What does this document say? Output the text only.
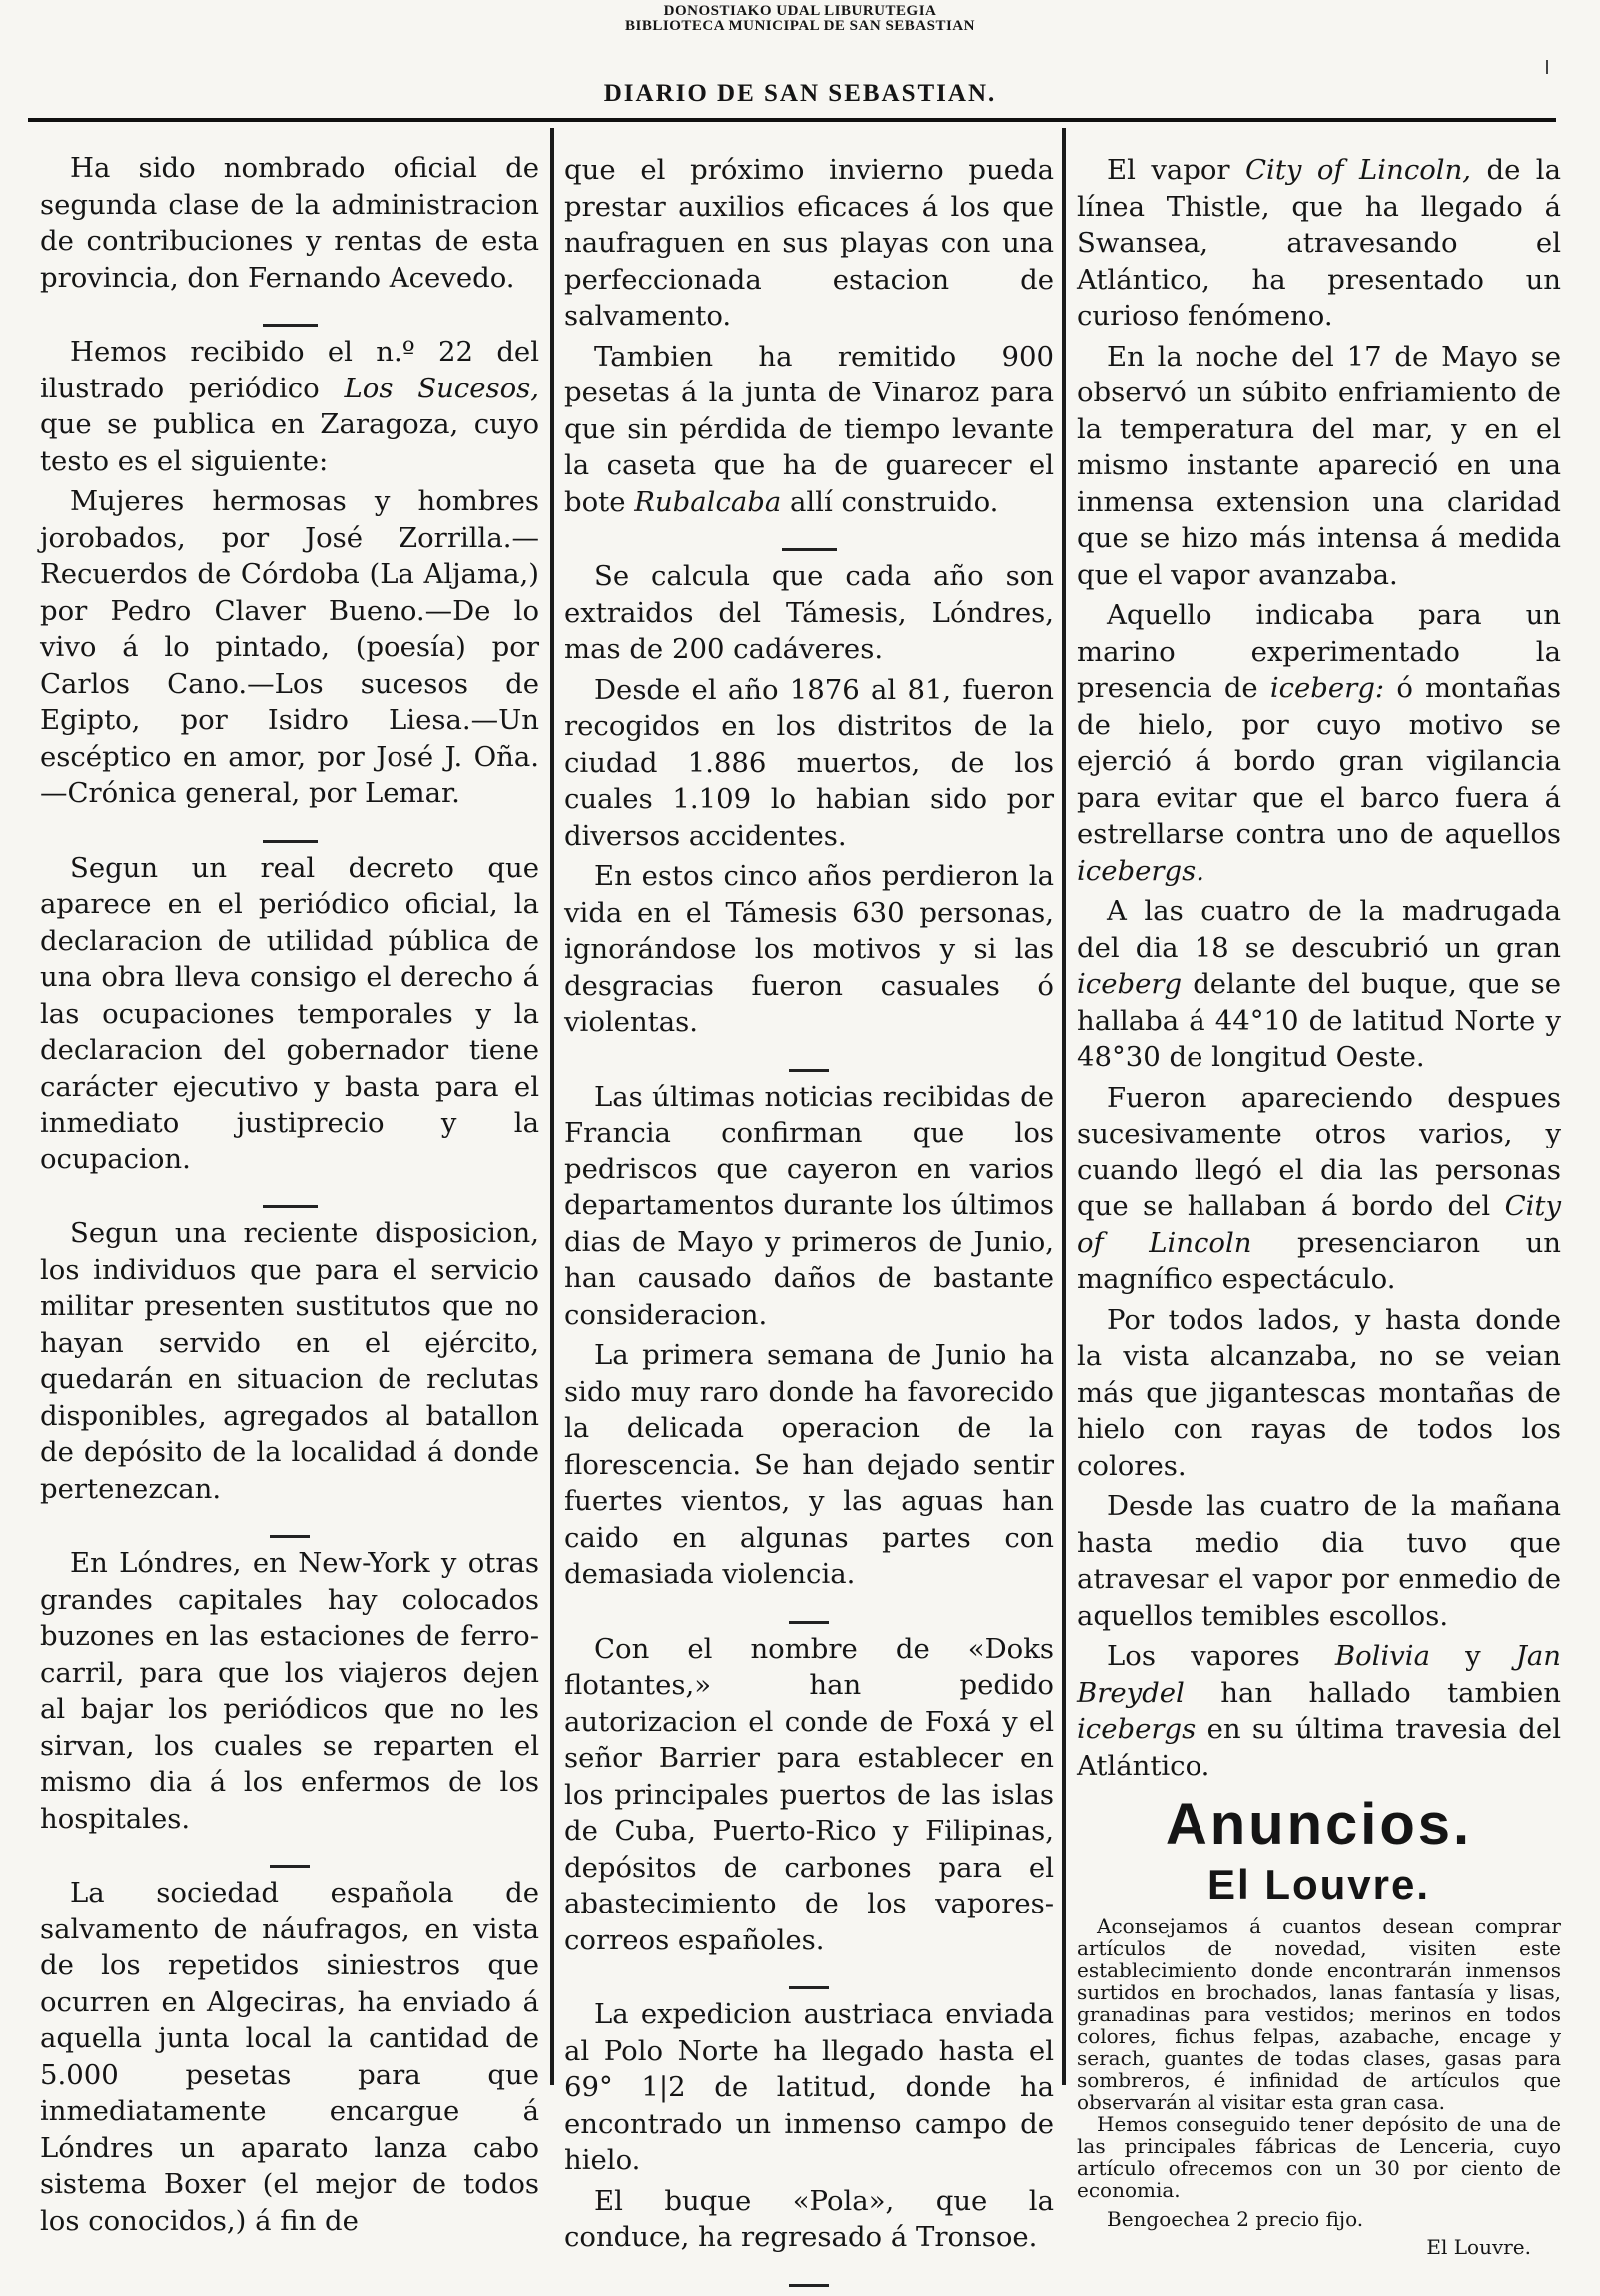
DONOSTIAKO UDAL LIBURUTEGIA
BIBLIOTECA MUNICIPAL DE SAN SEBASTIAN
DIARIO DE SAN SEBASTIAN.

Ha sido nombrado oficial de segunda clase de la administracion de contribuciones y rentas de esta provincia, don Fernando Acevedo.

Hemos recibido el n.º 22 del ilustrado periódico Los Sucesos, que se publica en Zaragoza, cuyo testo es el siguiente:

Mujeres hermosas y hombres jorobados, por José Zorrilla.—Recuerdos de Córdoba (La Aljama,) por Pedro Claver Bueno.—De lo vivo á lo pintado, (poesía) por Carlos Cano.—Los sucesos de Egipto, por Isidro Liesa.—Un escéptico en amor, por José J. Oña.—Crónica general, por Lemar.

Segun un real decreto que aparece en el periódico oficial, la declaracion de utilidad pública de una obra lleva consigo el derecho á las ocupaciones temporales y la declaracion del gobernador tiene carácter ejecutivo y basta para el inmediato justiprecio y la ocupacion.

Segun una reciente disposicion, los individuos que para el servicio militar presenten sustitutos que no hayan servido en el ejército, quedarán en situacion de reclutas disponibles, agregados al batallon de depósito de la localidad á donde pertenezcan.

En Lóndres, en New-York y otras grandes capitales hay colocados buzones en las estaciones de ferro-carril, para que los viajeros dejen al bajar los periódicos que no les sirvan, los cuales se reparten el mismo dia á los enfermos de los hospitales.

La sociedad española de salvamento de náufragos, en vista de los repetidos siniestros que ocurren en Algeciras, ha enviado á aquella junta local la cantidad de 5.000 pesetas para que inmediatamente encargue á Lóndres un aparato lanza cabo sistema Boxer (el mejor de todos los conocidos,) á fin de

que el próximo invierno pueda prestar auxilios eficaces á los que naufraguen en sus playas con una perfeccionada estacion de salvamento.

Tambien ha remitido 900 pesetas á la junta de Vinaroz para que sin pérdida de tiempo levante la caseta que ha de guarecer el bote Rubalcaba allí construido.

Se calcula que cada año son extraidos del Támesis, Lóndres, mas de 200 cadáveres.

Desde el año 1876 al 81, fueron recogidos en los distritos de la ciudad 1.886 muertos, de los cuales 1.109 lo habian sido por diversos accidentes.

En estos cinco años perdieron la vida en el Támesis 630 personas, ignorándose los motivos y si las desgracias fueron casuales ó violentas.

Las últimas noticias recibidas de Francia confirman que los pedriscos que cayeron en varios departamentos durante los últimos dias de Mayo y primeros de Junio, han causado daños de bastante consideracion.

La primera semana de Junio ha sido muy raro donde ha favorecido la delicada operacion de la florescencia. Se han dejado sentir fuertes vientos, y las aguas han caido en algunas partes con demasiada violencia.

Con el nombre de «Doks flotantes,» han pedido autorizacion el conde de Foxá y el señor Barrier para establecer en los principales puertos de las islas de Cuba, Puerto-Rico y Filipinas, depósitos de carbones para el abastecimiento de los vapores-correos españoles.

La expedicion austriaca enviada al Polo Norte ha llegado hasta el 69° 1|2 de latitud, donde ha encontrado un inmenso campo de hielo.

El buque «Pola», que la conduce, ha regresado á Tronsoe.

El vapor City of Lincoln, de la línea Thistle, que ha llegado á Swansea, atravesando el Atlántico, ha presentado un curioso fenómeno.

En la noche del 17 de Mayo se observó un súbito enfriamiento de la temperatura del mar, y en el mismo instante apareció en una inmensa extension una claridad que se hizo más intensa á medida que el vapor avanzaba.

Aquello indicaba para un marino experimentado la presencia de iceberg: ó montañas de hielo, por cuyo motivo se ejerció á bordo gran vigilancia para evitar que el barco fuera á estrellarse contra uno de aquellos icebergs.

A las cuatro de la madrugada del dia 18 se descubrió un gran iceberg delante del buque, que se hallaba á 44°10 de latitud Norte y 48°30 de longitud Oeste.

Fueron apareciendo despues sucesivamente otros varios, y cuando llegó el dia las personas que se hallaban á bordo del City of Lincoln presenciaron un magnífico espectáculo.

Por todos lados, y hasta donde la vista alcanzaba, no se veian más que jigantescas montañas de hielo con rayas de todos los colores.

Desde las cuatro de la mañana hasta medio dia tuvo que atravesar el vapor por enmedio de aquellos temibles escollos.

Los vapores Bolivia y Jan Breydel han hallado tambien icebergs en su última travesia del Atlántico.

Anuncios.
El Louvre.

Aconsejamos á cuantos desean comprar artículos de novedad, visiten este establecimiento donde encontrarán inmensos surtidos en brochados, lanas fantasía y lisas, granadinas para vestidos; merinos en todos colores, fichus felpas, azabache, encage y serach, guantes de todas clases, gasas para sombreros, é infinidad de artículos que observarán al visitar esta gran casa.

Hemos conseguido tener depósito de una de las principales fábricas de Lenceria, cuyo artículo ofrecemos con un 30 por ciento de economia.

Bengoechea 2 precio fijo.
El Louvre.
